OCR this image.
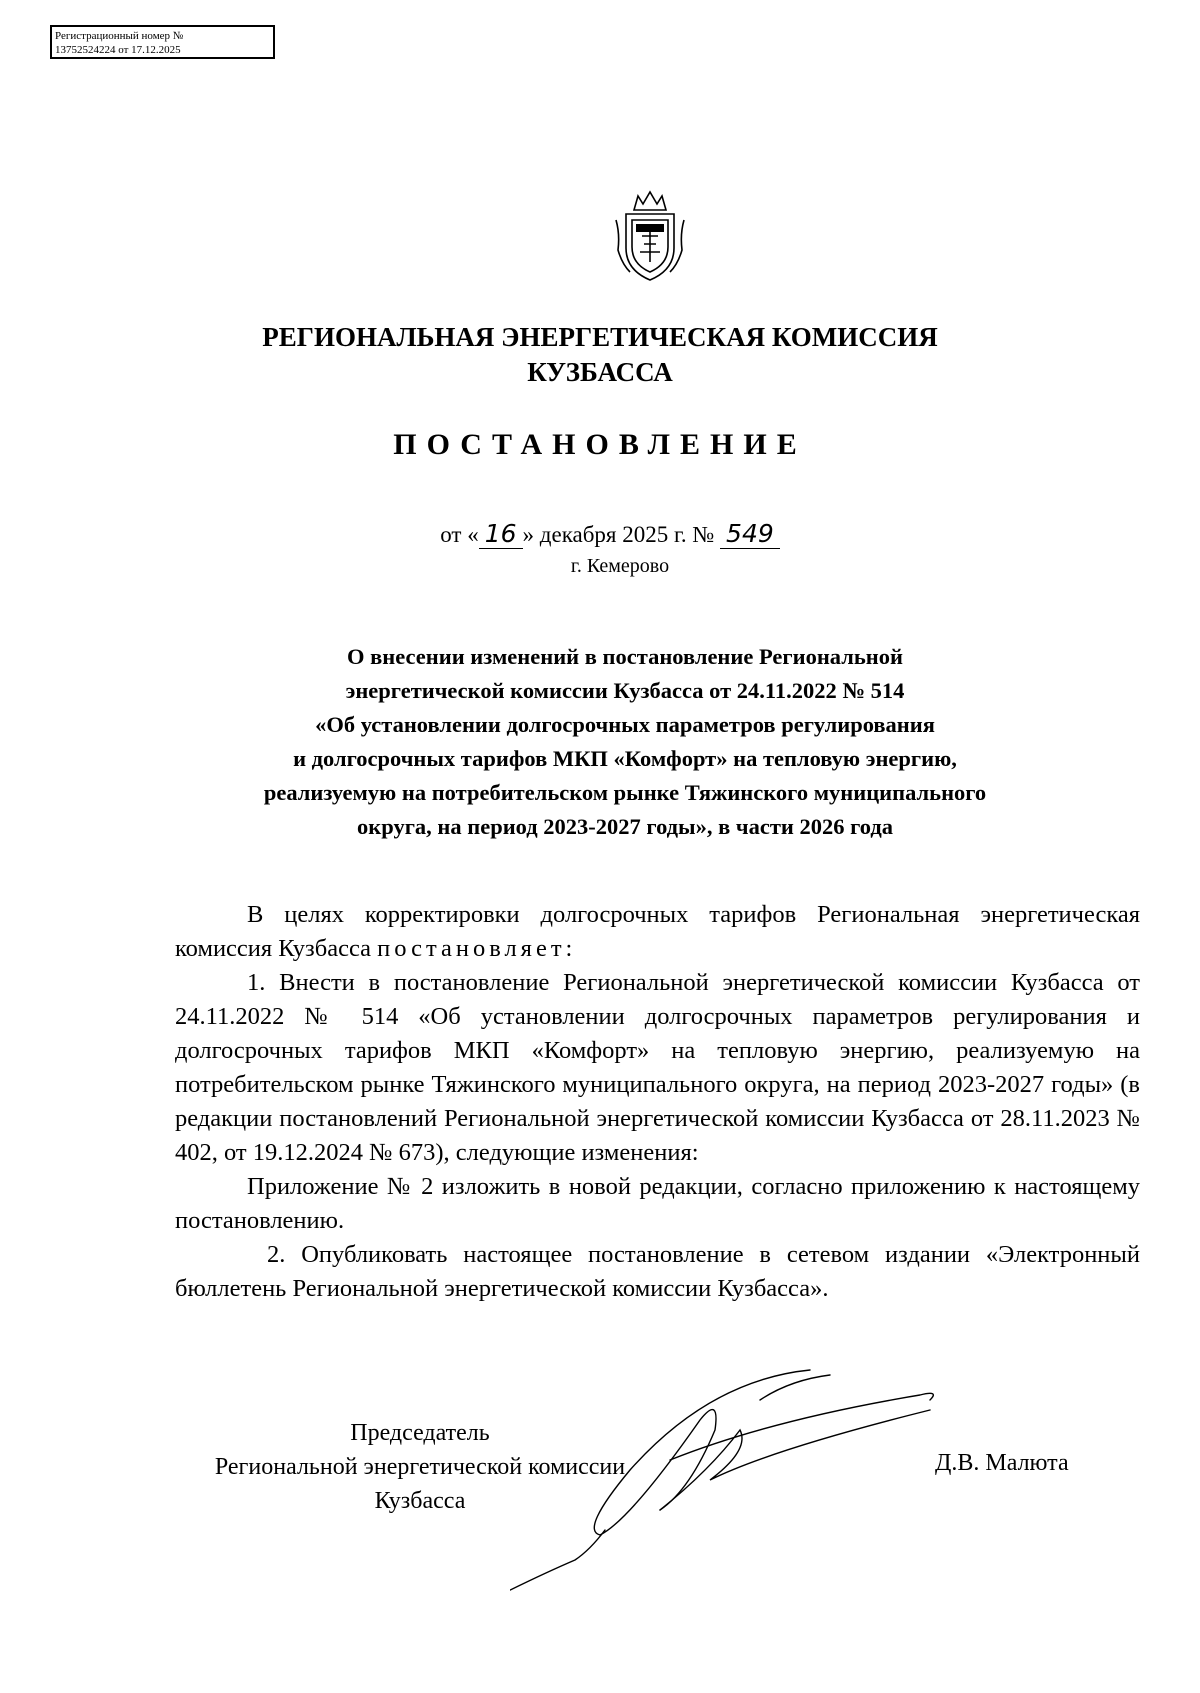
Регистрационный номер №
13752524224 от 17.12.2025
РЕГИОНАЛЬНАЯ ЭНЕРГЕТИЧЕСКАЯ КОМИССИЯ
КУЗБАССА
ПОСТАНОВЛЕНИЕ
от « 16 » декабря 2025 г. № 549
г. Кемерово
О внесении изменений в постановление Региональной
энергетической комиссии Кузбасса от 24.11.2022 № 514
«Об установлении долгосрочных параметров регулирования
и долгосрочных тарифов МКП «Комфорт» на тепловую энергию,
реализуемую на потребительском рынке Тяжинского муниципального
округа, на период 2023-2027 годы», в части 2026 года

В целях корректировки долгосрочных тарифов Региональная энергетическая комиссия Кузбасса постановляет:

1. Внести в постановление Региональной энергетической комиссии Кузбасса от 24.11.2022 № 514 «Об установлении долгосрочных параметров регулирования и долгосрочных тарифов МКП «Комфорт» на тепловую энергию, реализуемую на потребительском рынке Тяжинского муниципального округа, на период 2023-2027 годы» (в редакции постановлений Региональной энергетической комиссии Кузбасса от 28.11.2023 № 402, от 19.12.2024 № 673), следующие изменения:

Приложение № 2 изложить в новой редакции, согласно приложению к настоящему постановлению.

2. Опубликовать настоящее постановление в сетевом издании «Электронный бюллетень Региональной энергетической комиссии Кузбасса».

Председатель
Региональной энергетической комиссии
Кузбасса
Д.В. Малюта
